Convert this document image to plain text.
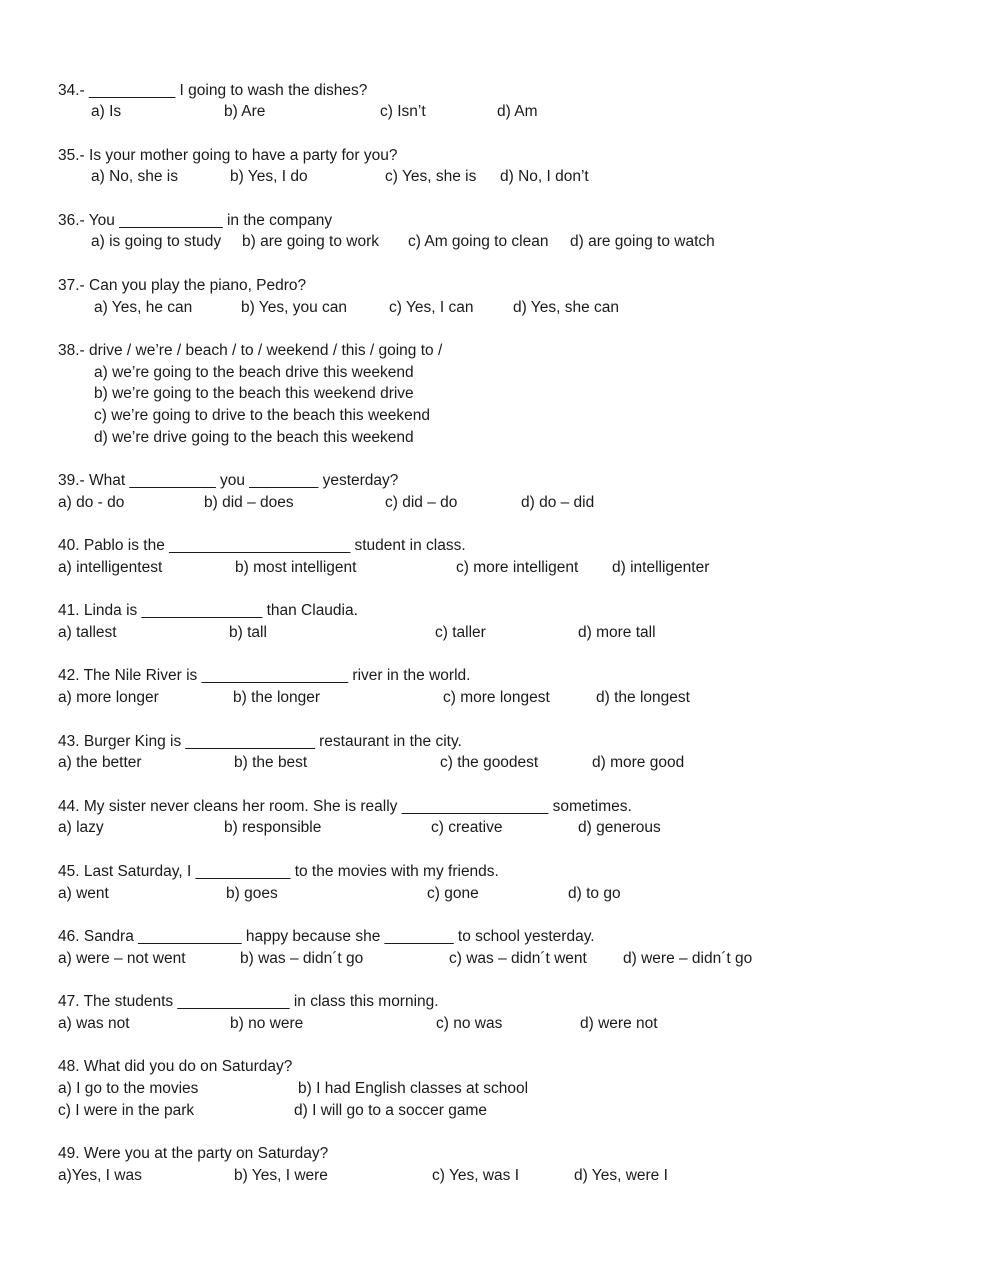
34.- __________ I going to wash the dishes?
a) Is	b) Are	c) Isn’t	d) Am
35.- Is your mother going to have a party for you?
a) No, she is	b) Yes, I do	c) Yes, she is d) No, I don’t
36.- You ____________ in the company
a) is going to study b) are going to work c) Am going to clean d) are going to watch
37.- Can you play the piano, Pedro?
a) Yes, he can	b) Yes, you can	c) Yes, I can	d) Yes, she can
38.- drive / we’re / beach / to / weekend / this / going to /
a) we’re going to the beach drive this weekend
b) we’re going to the beach this weekend drive
c) we’re going to drive to the beach this weekend
d) we’re drive going to the beach this weekend
39.- What __________ you ________ yesterday?
a) do - do	b) did – does	c) did – do	d) do – did
40. Pablo is the _____________________ student in class.
a) intelligentest	b) most intelligent	c) more intelligent d) intelligenter
41. Linda is ______________ than Claudia.
a) tallest	b) tall	c) taller	d) more tall
42. The Nile River is _________________ river in the world.
a) more longer	b) the longer	c) more longest	d) the longest
43. Burger King is _______________ restaurant in the city.
a) the better	b) the best	c) the goodest	d) more good
44. My sister never cleans her room. She is really _________________ sometimes.
a) lazy	b) responsible	c) creative	d) generous
45. Last Saturday, I ___________ to the movies with my friends.
a) went	b) goes	c) gone	d) to go
46. Sandra ____________ happy because she ________ to school yesterday.
a) were – not went	b) was – didn´t go	c) was – didn´t went d) were – didn´t go
47. The students _____________ in class this morning.
a) was not	b) no were	c) no was	d) were not
48. What did you do on Saturday?
a) I go to the movies	b) I had English classes at school
c) I were in the park	d) I will go to a soccer game
49. Were you at the party on Saturday?
a)Yes, I was	b) Yes, I were	c) Yes, was I	d) Yes, were I
